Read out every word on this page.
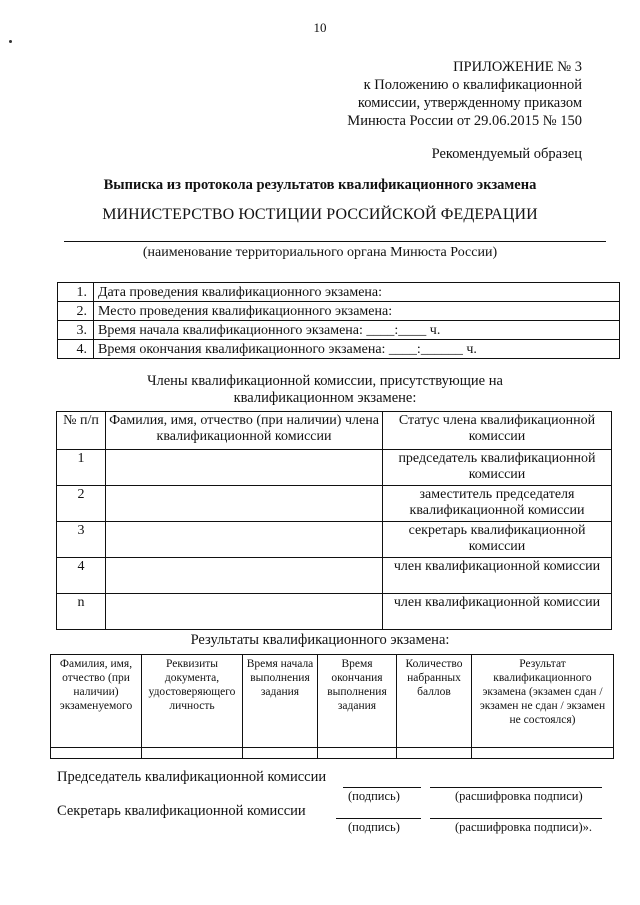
10
ПРИЛОЖЕНИЕ № 3
к Положению о квалификационной
комиссии, утвержденному приказом
Минюста России от 29.06.2015 № 150
Рекомендуемый образец
Выписка из протокола результатов квалификационного экзамена
МИНИСТЕРСТВО ЮСТИЦИИ РОССИЙСКОЙ ФЕДЕРАЦИИ
(наименование территориального органа Минюста России)
1.	Дата проведения квалификационного экзамена:
2.	Место проведения квалификационного экзамена:
3.	Время начала квалификационного экзамена: ____:____ ч.
4.	Время окончания квалификационного экзамена: ____:______ ч.
Члены квалификационной комиссии, присутствующие на квалификационном экзамене:
№ п/п	Фамилия, имя, отчество (при наличии) члена квалификационной комиссии	Статус члена квалификационной комиссии
1		председатель квалификационной комиссии
2		заместитель председателя квалификационной комиссии
3		секретарь квалификационной комиссии
4		член квалификационной комиссии
n		член квалификационной комиссии
Результаты квалификационного экзамена:
Фамилия, имя, отчество (при наличии) экзаменуемого	Реквизиты документа, удостоверяющего личность	Время начала выполнения задания	Время окончания выполнения задания	Количество набранных баллов	Результат квалификационного экзамена (экзамен сдан / экзамен не сдан / экзамен не состоялся)

Председатель квалификационной комиссии
(подпись)	(расшифровка подписи)
Секретарь квалификационной комиссии
(подпись)	(расшифровка подписи)».
